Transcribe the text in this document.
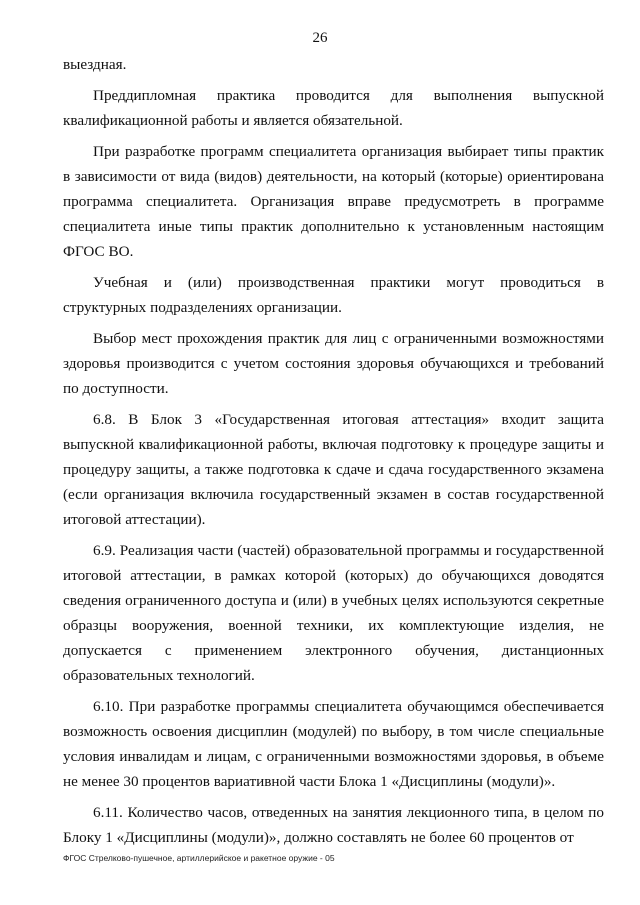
26

выездная.

Преддипломная практика проводится для выполнения выпускной квалификационной работы и является обязательной.

При разработке программ специалитета организация выбирает типы практик в зависимости от вида (видов) деятельности, на который (которые) ориентирована программа специалитета. Организация вправе предусмотреть в программе специалитета иные типы практик дополнительно к установленным настоящим ФГОС ВО.

Учебная и (или) производственная практики могут проводиться в структурных подразделениях организации.

Выбор мест прохождения практик для лиц с ограниченными возможностями здоровья производится с учетом состояния здоровья обучающихся и требований по доступности.

6.8. В Блок 3 «Государственная итоговая аттестация» входит защита выпускной квалификационной работы, включая подготовку к процедуре защиты и процедуру защиты, а также подготовка к сдаче и сдача государственного экзамена (если организация включила государственный экзамен в состав государственной итоговой аттестации).

6.9. Реализация части (частей) образовательной программы и государственной итоговой аттестации, в рамках которой (которых) до обучающихся доводятся сведения ограниченного доступа и (или) в учебных целях используются секретные образцы вооружения, военной техники, их комплектующие изделия, не допускается с применением электронного обучения, дистанционных образовательных технологий.

6.10. При разработке программы специалитета обучающимся обеспечивается возможность освоения дисциплин (модулей) по выбору, в том числе специальные условия инвалидам и лицам, с ограниченными возможностями здоровья, в объеме не менее 30 процентов вариативной части Блока 1 «Дисциплины (модули)».

6.11. Количество часов, отведенных на занятия лекционного типа, в целом по Блоку 1 «Дисциплины (модули)», должно составлять не более 60 процентов от

ФГОС Стрелково-пушечное, артиллерийское и ракетное оружие - 05
